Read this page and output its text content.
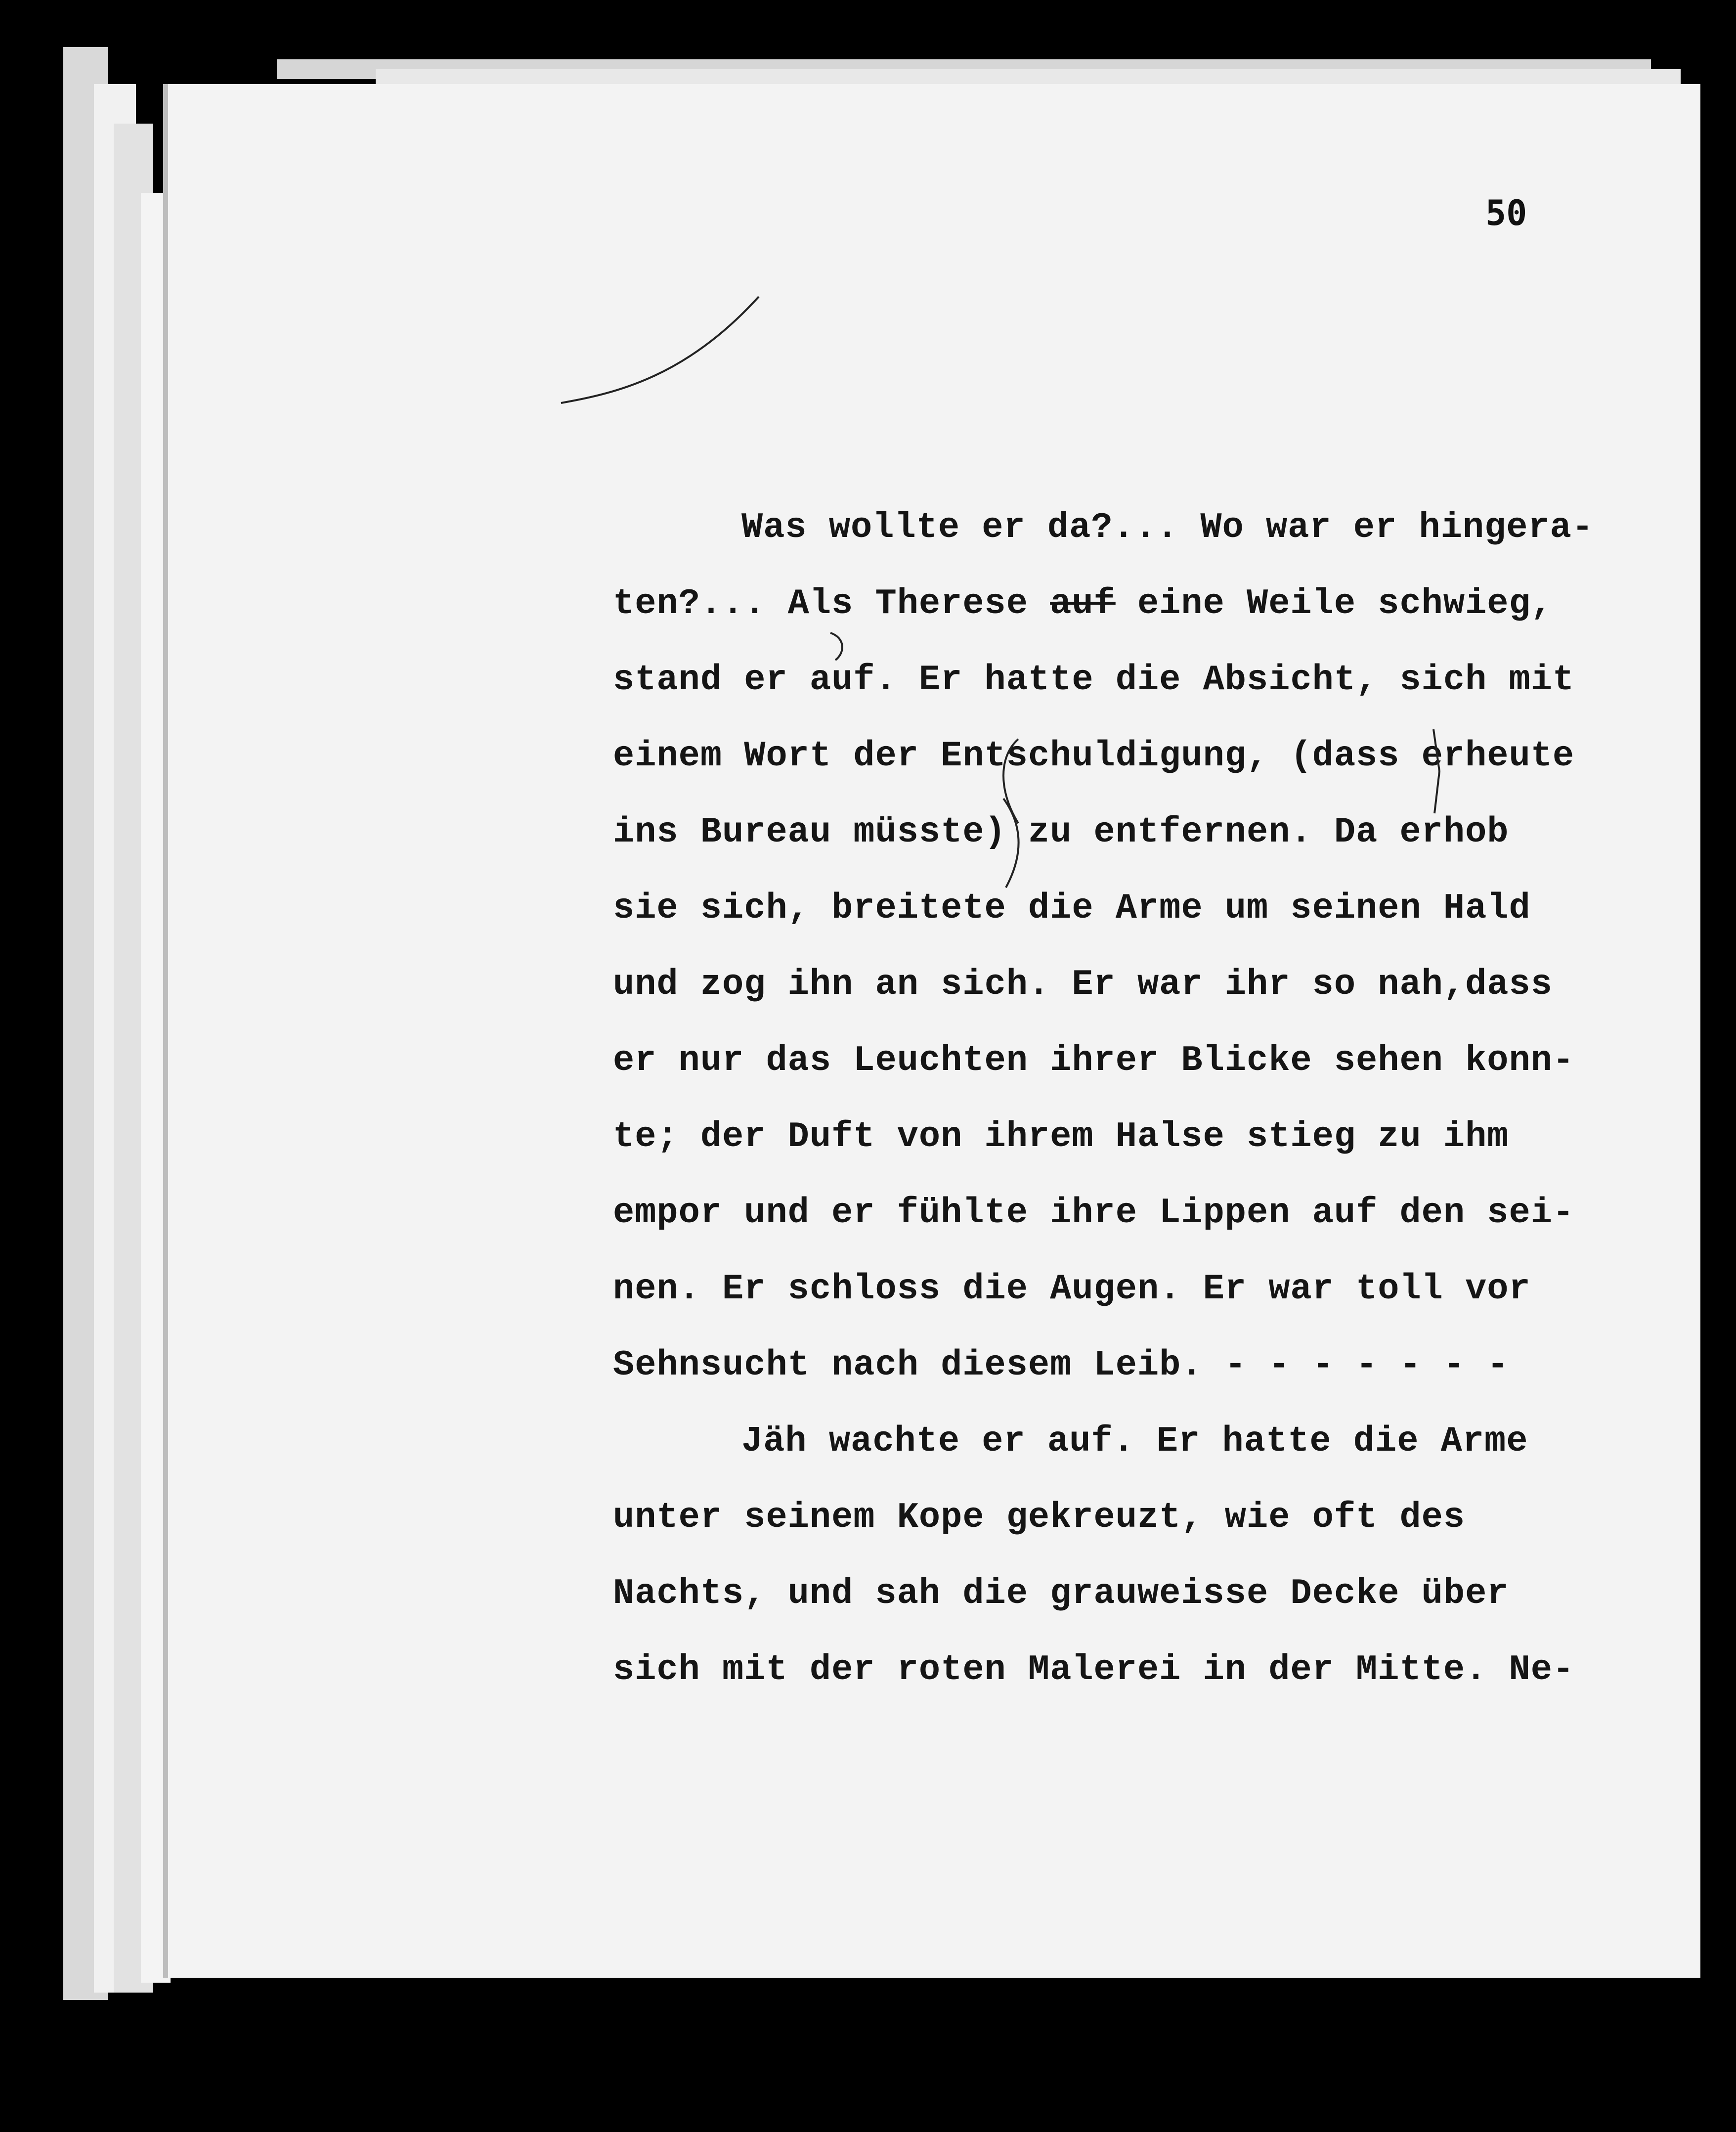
50
Was wollte er da?... Wo war er hingera-
ten?... Als Therese auf eine Weile schwieg,
stand er auf. Er hatte die Absicht, sich mit
einem Wort der Entschuldigung, (dass erheute
ins Bureau müsste) zu entfernen. Da erhob
sie sich, breitete die Arme um seinen Hald
und zog ihn an sich. Er war ihr so nah,dass
er nur das Leuchten ihrer Blicke sehen konn-
te; der Duft von ihrem Halse stieg zu ihm
empor und er fühlte ihre Lippen auf den sei-
nen. Er schloss die Augen. Er war toll vor
Sehnsucht nach diesem Leib. - - - - - - -
Jäh wachte er auf. Er hatte die Arme
unter seinem Kope gekreuzt, wie oft des
Nachts, und sah die grauweisse Decke über
sich mit der roten Malerei in der Mitte. Ne-
